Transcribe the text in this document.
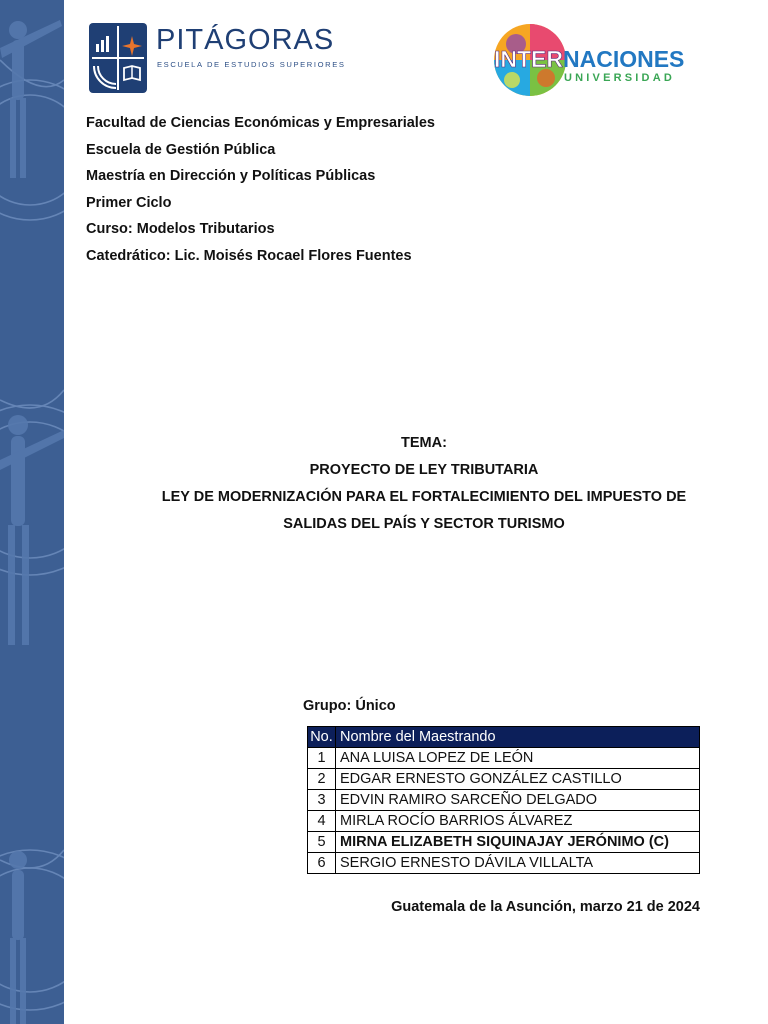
PITÁGORAS
ESCUELA DE ESTUDIOS SUPERIORES	INTERNACIONES
UNIVERSIDAD

Facultad de Ciencias Económicas y Empresariales

Escuela de Gestión Pública

Maestría en Dirección y Políticas Públicas

Primer Ciclo

Curso: Modelos Tributarios

Catedrático: Lic. Moisés Rocael Flores Fuentes

TEMA:

PROYECTO DE LEY TRIBUTARIA

LEY DE MODERNIZACIÓN PARA EL FORTALECIMIENTO DEL IMPUESTO DE

SALIDAS DEL PAÍS Y SECTOR TURISMO

Grupo: Único
No.	Nombre del Maestrando
1	ANA LUISA LOPEZ DE LEÓN
2	EDGAR ERNESTO GONZÁLEZ CASTILLO
3	EDVIN RAMIRO SARCEÑO DELGADO
4	MIRLA ROCÍO BARRIOS ÁLVAREZ
5	MIRNA ELIZABETH SIQUINAJAY JERÓNIMO (C)
6	SERGIO ERNESTO DÁVILA VILLALTA
Guatemala de la Asunción, marzo 21 de 2024
